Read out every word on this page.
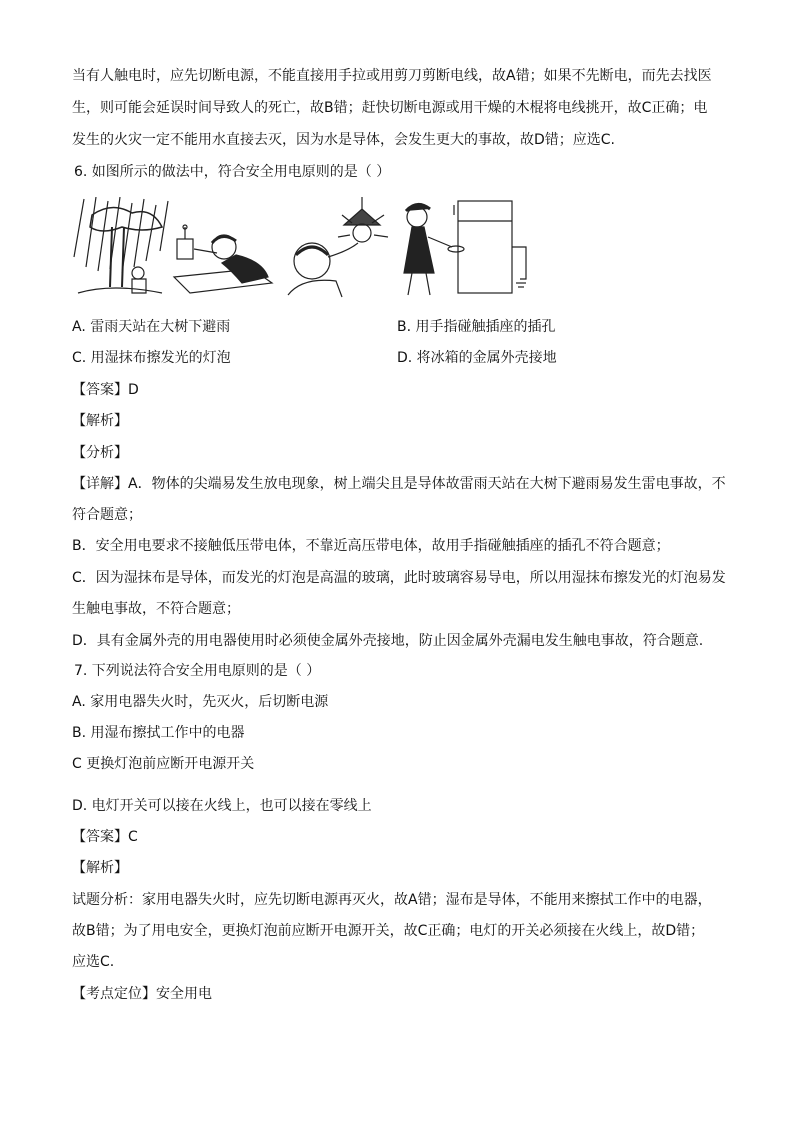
当有人触电时，应先切断电源，不能直接用手拉或用剪刀剪断电线，故A错；如果不先断电，而先去找医
生，则可能会延误时间导致人的死亡，故B错；赶快切断电源或用干燥的木棍将电线挑开，故C正确；电
发生的火灾一定不能用水直接去灭，因为水是导体，会发生更大的事故，故D错；应选C.
6. 如图所示的做法中，符合安全用电原则的是（ ）
A. 雷雨天站在大树下避雨	B. 用手指碰触插座的插孔
C. 用湿抹布擦发光的灯泡	D. 将冰箱的金属外壳接地
【答案】D
【解析】
【分析】
【详解】A．物体的尖端易发生放电现象，树上端尖且是导体故雷雨天站在大树下避雨易发生雷电事故，不
符合题意；
B．安全用电要求不接触低压带电体，不靠近高压带电体，故用手指碰触插座的插孔不符合题意；
C．因为湿抹布是导体，而发光的灯泡是高温的玻璃，此时玻璃容易导电，所以用湿抹布擦发光的灯泡易发
生触电事故，不符合题意；
D．具有金属外壳的用电器使用时必须使金属外壳接地，防止因金属外壳漏电发生触电事故，符合题意.
7. 下列说法符合安全用电原则的是（ ）
A. 家用电器失火时，先灭火，后切断电源
B. 用湿布擦拭工作中的电器
C 更换灯泡前应断开电源开关
D. 电灯开关可以接在火线上，也可以接在零线上
【答案】C
【解析】
试题分析：家用电器失火时，应先切断电源再灭火，故A错；湿布是导体，不能用来擦拭工作中的电器，
故B错；为了用电安全，更换灯泡前应断开电源开关，故C正确；电灯的开关必须接在火线上，故D错；
应选C.
【考点定位】安全用电
